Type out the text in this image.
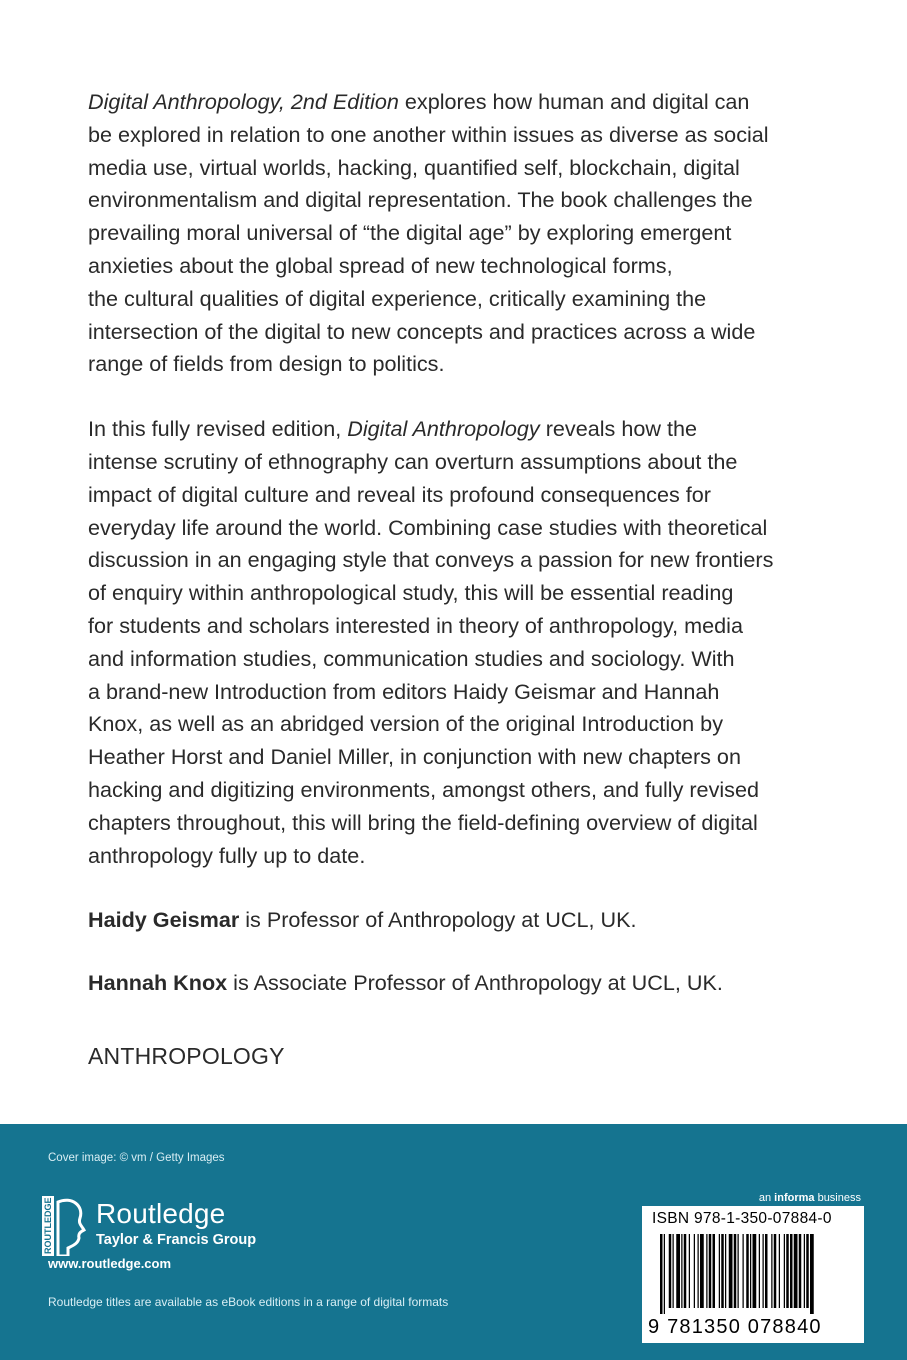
Digital Anthropology, 2nd Edition explores how human and digital can
be explored in relation to one another within issues as diverse as social
media use, virtual worlds, hacking, quantified self, blockchain, digital
environmentalism and digital representation. The book challenges the
prevailing moral universal of “the digital age” by exploring emergent
anxieties about the global spread of new technological forms,
the cultural qualities of digital experience, critically examining the
intersection of the digital to new concepts and practices across a wide
range of fields from design to politics.

In this fully revised edition, Digital Anthropology reveals how the
intense scrutiny of ethnography can overturn assumptions about the
impact of digital culture and reveal its profound consequences for
everyday life around the world. Combining case studies with theoretical
discussion in an engaging style that conveys a passion for new frontiers
of enquiry within anthropological study, this will be essential reading
for students and scholars interested in theory of anthropology, media
and information studies, communication studies and sociology. With
a brand-new Introduction from editors Haidy Geismar and Hannah
Knox, as well as an abridged version of the original Introduction by
Heather Horst and Daniel Miller, in conjunction with new chapters on
hacking and digitizing environments, amongst others, and fully revised
chapters throughout, this will bring the field-defining overview of digital
anthropology fully up to date.

Haidy Geismar is Professor of Anthropology at UCL, UK.

Hannah Knox is Associate Professor of Anthropology at UCL, UK.

ANTHROPOLOGY
Cover image: © vm / Getty Images
ROUTLEDGE Routledge
Taylor & Francis Group
www.routledge.com
Routledge titles are available as eBook editions in a range of digital formats
an informa business
ISBN 978-1-350-07884-0
9 781350 078840
